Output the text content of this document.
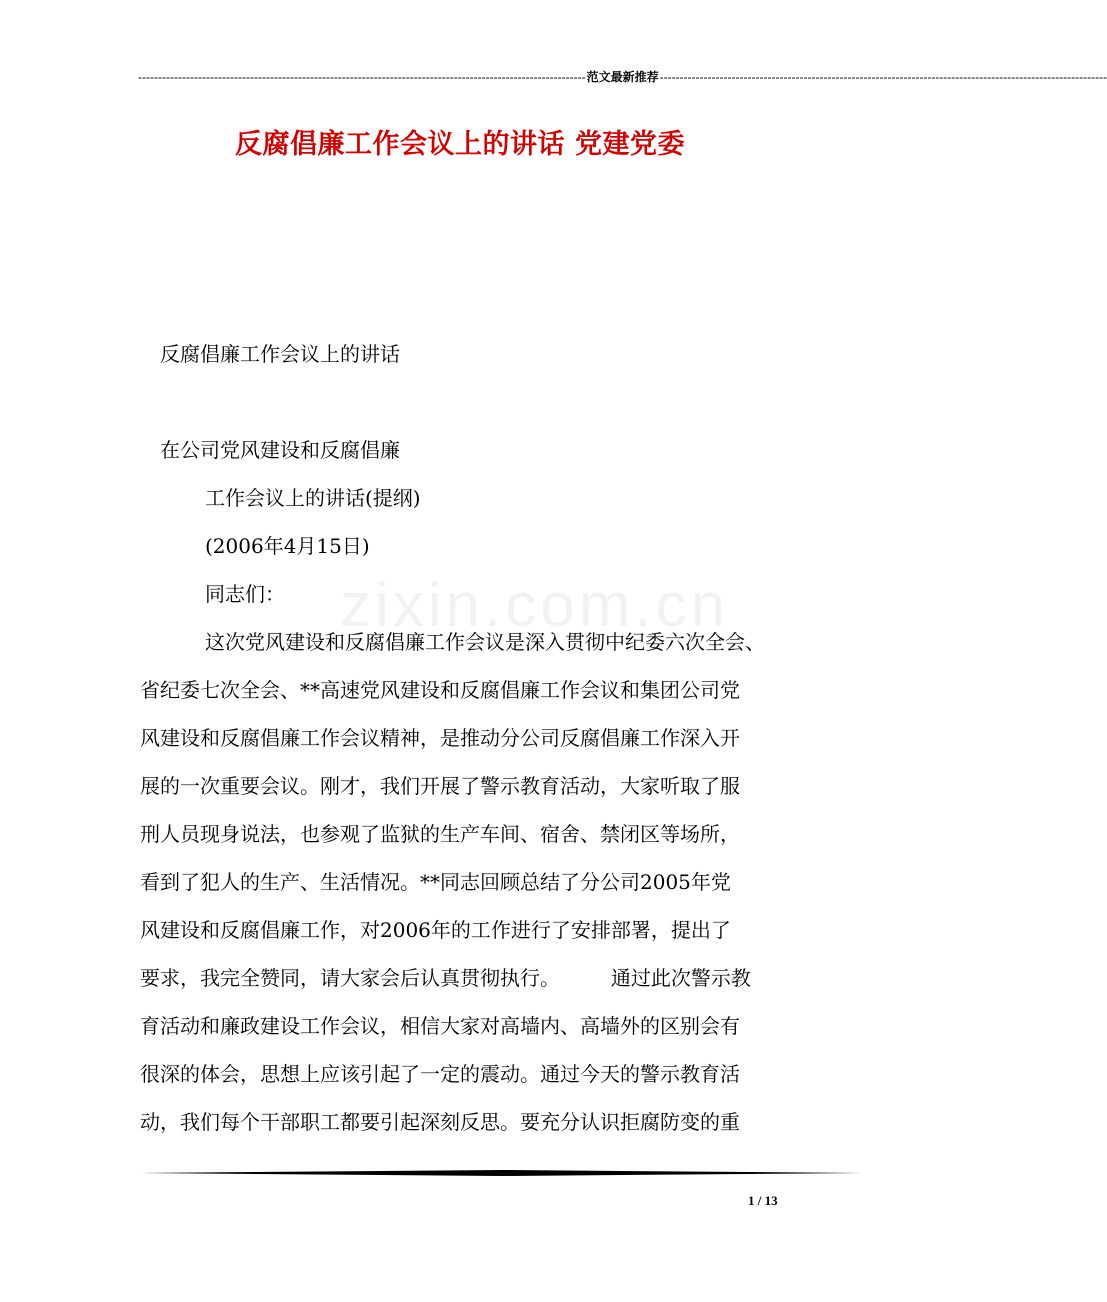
---------------------------------------------------------------------------------------------------------------- 范文最新推荐 ----------------------------------------------------------------------------------------------------------------
反腐倡廉工作会议上的讲话 党建党委
zixin.com.cn
反腐倡廉工作会议上的讲话
在公司党风建设和反腐倡廉
工作会议上的讲话(提纲)
(2006年4月15日)
同志们：
这次党风建设和反腐倡廉工作会议是深入贯彻中纪委六次全会、
省纪委七次全会、**高速党风建设和反腐倡廉工作会议和集团公司党
风建设和反腐倡廉工作会议精神，是推动分公司反腐倡廉工作深入开
展的一次重要会议。刚才，我们开展了警示教育活动，大家听取了服
刑人员现身说法，也参观了监狱的生产车间、宿舍、禁闭区等场所，
看到了犯人的生产、生活情况。**同志回顾总结了分公司2005年党
风建设和反腐倡廉工作，对2006年的工作进行了安排部署，提出了
要求，我完全赞同，请大家会后认真贯彻执行。        通过此次警示教
育活动和廉政建设工作会议，相信大家对高墙内、高墙外的区别会有
很深的体会，思想上应该引起了一定的震动。通过今天的警示教育活
动，我们每个干部职工都要引起深刻反思。要充分认识拒腐防变的重
1 / 13
